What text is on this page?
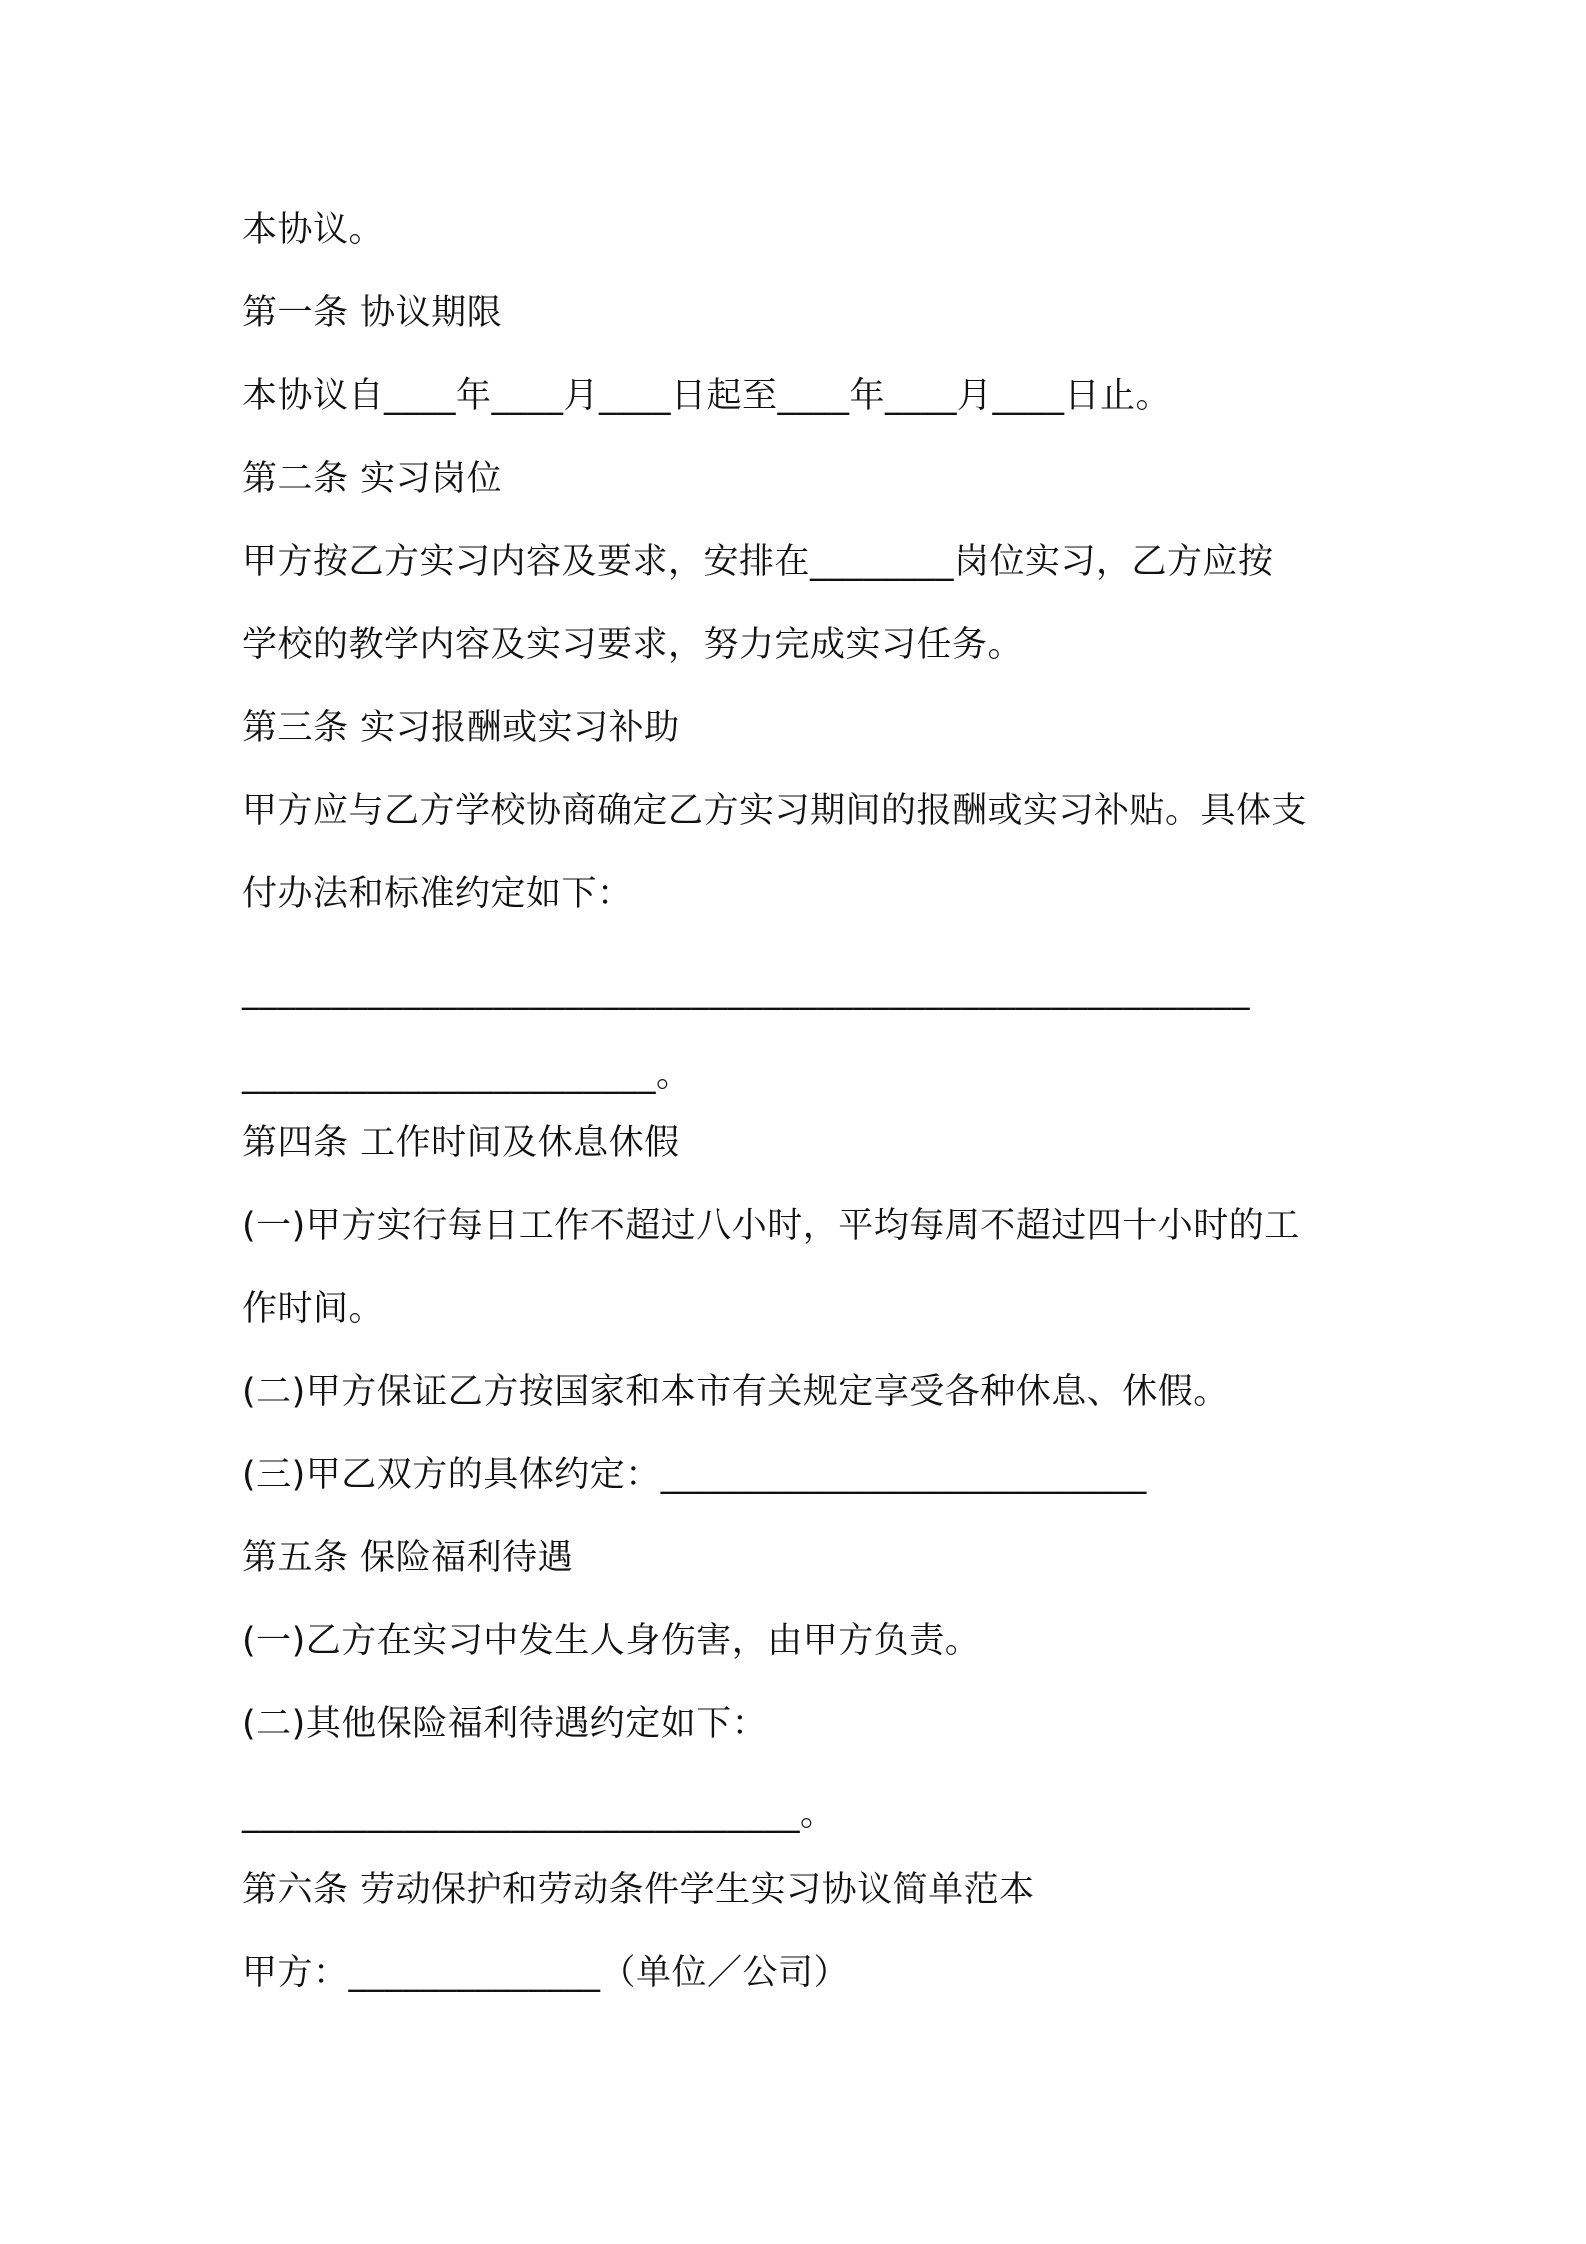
本协议。
第一条 协议期限
本协议自____年____月____日起至____年____月____日止。
第二条 实习岗位
甲方按乙方实习内容及要求，安排在________岗位实习，乙方应按
学校的教学内容及实习要求，努力完成实习任务。
第三条 实习报酬或实习补助
甲方应与乙方学校协商确定乙方实习期间的报酬或实习补贴。具体支
付办法和标准约定如下：
________________________________________________________
_______________________。
第四条 工作时间及休息休假
(一)甲方实行每日工作不超过八小时，平均每周不超过四十小时的工
作时间。
(二)甲方保证乙方按国家和本市有关规定享受各种休息、休假。
(三)甲乙双方的具体约定：___________________________
第五条 保险福利待遇
(一)乙方在实习中发生人身伤害，由甲方负责。
(二)其他保险福利待遇约定如下：
_______________________________。
第六条 劳动保护和劳动条件学生实习协议简单范本
甲方：______________（单位／公司）
